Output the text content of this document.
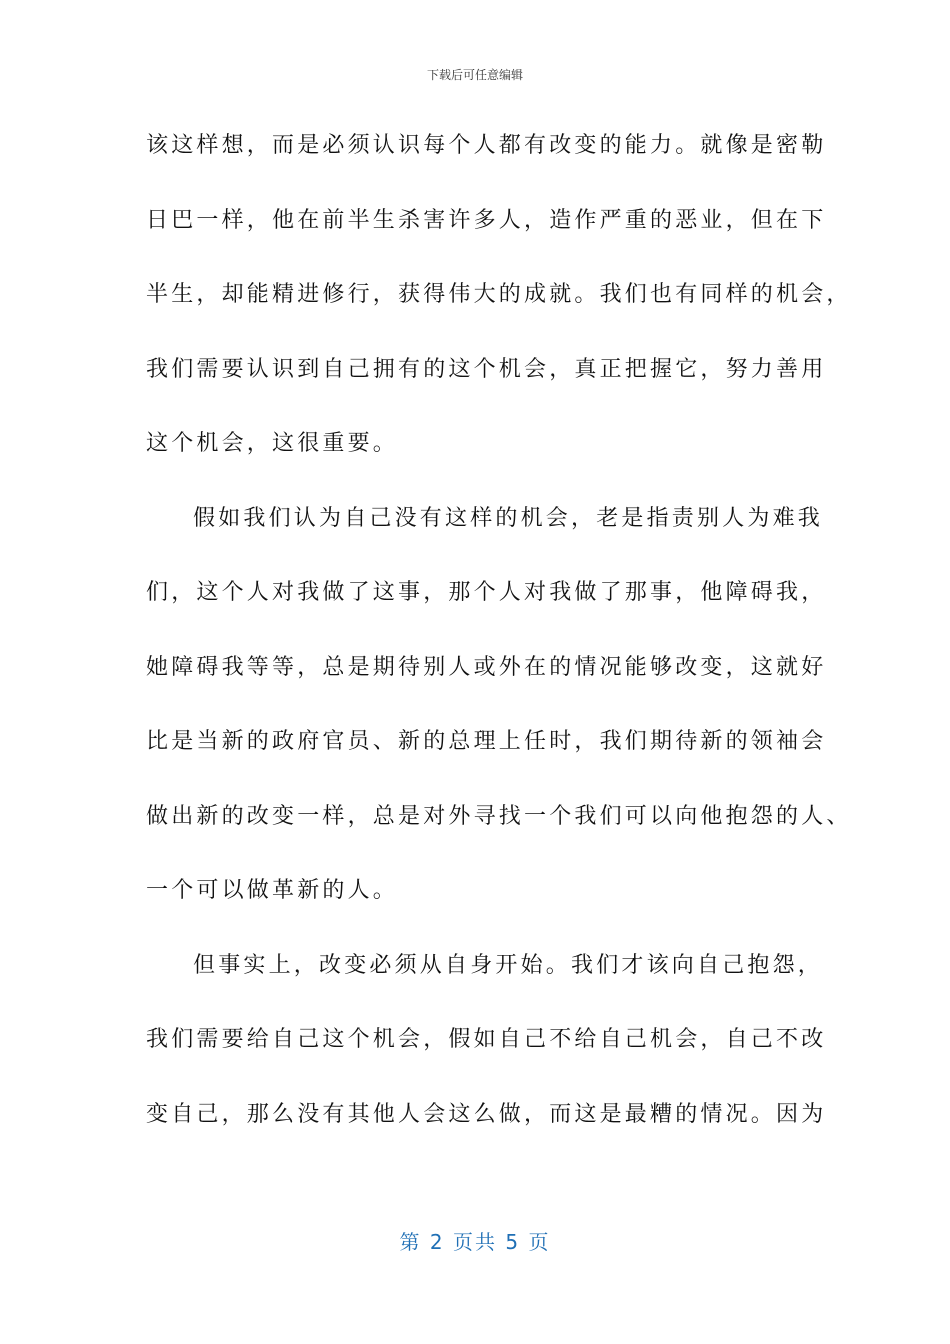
下载后可任意编辑
该这样想，而是必须认识每个人都有改变的能力。就像是密勒
日巴一样，他在前半生杀害许多人，造作严重的恶业，但在下
半生，却能精进修行，获得伟大的成就。我们也有同样的机会，
我们需要认识到自己拥有的这个机会，真正把握它，努力善用
这个机会，这很重要。
假如我们认为自己没有这样的机会，老是指责别人为难我
们，这个人对我做了这事，那个人对我做了那事，他障碍我，
她障碍我等等，总是期待别人或外在的情况能够改变，这就好
比是当新的政府官员、新的总理上任时，我们期待新的领袖会
做出新的改变一样，总是对外寻找一个我们可以向他抱怨的人、
一个可以做革新的人。
但事实上，改变必须从自身开始。我们才该向自己抱怨，
我们需要给自己这个机会，假如自己不给自己机会，自己不改
变自己，那么没有其他人会这么做，而这是最糟的情况。因为
第 2 页共 5 页
